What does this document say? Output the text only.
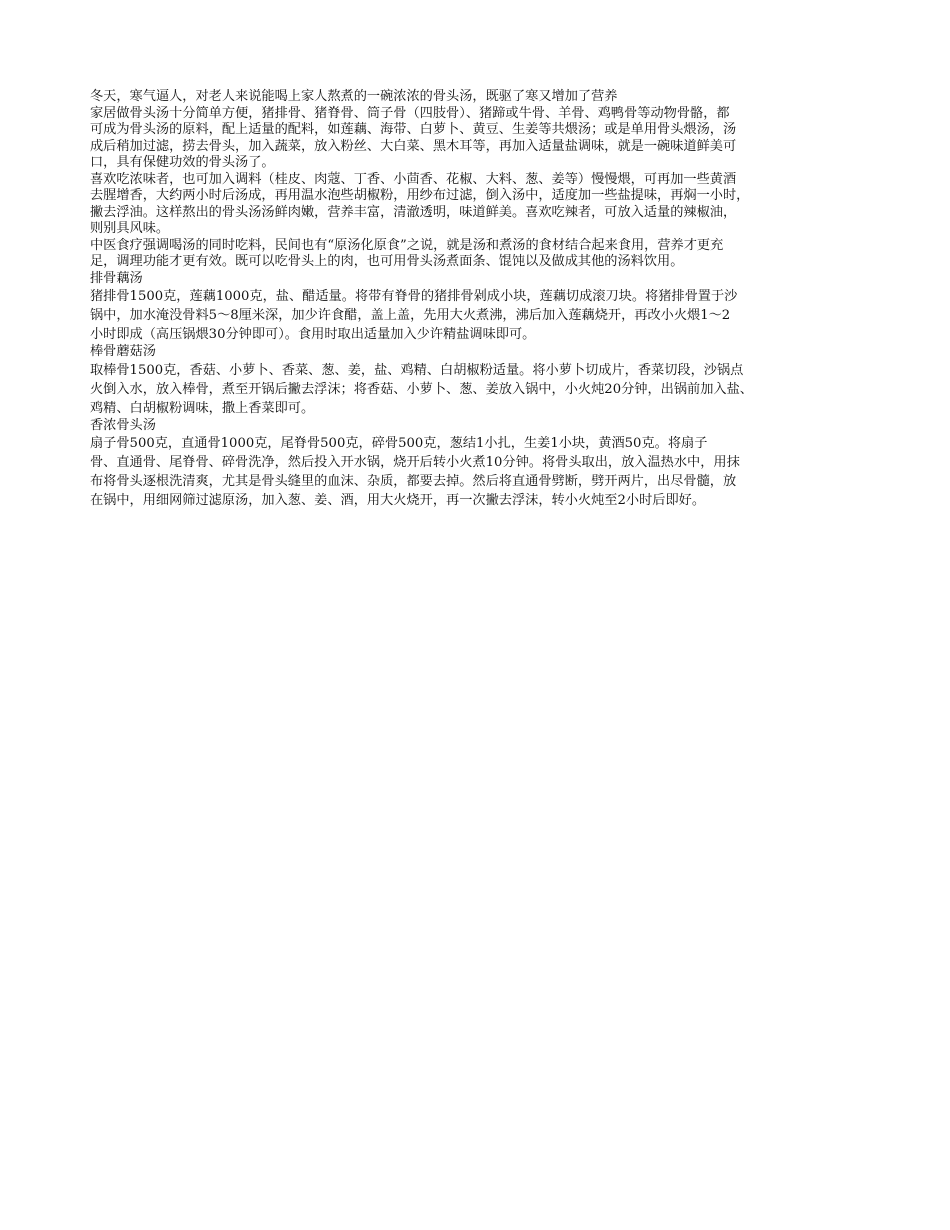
冬天，寒气逼人，对老人来说能喝上家人熬煮的一碗浓浓的骨头汤，既驱了寒又增加了营养

家居做骨头汤十分简单方便，猪排骨、猪脊骨、筒子骨（四肢骨）、猪蹄或牛骨、羊骨、鸡鸭骨等动物骨骼，都

可成为骨头汤的原料，配上适量的配料，如莲藕、海带、白萝卜、黄豆、生姜等共煨汤；或是单用骨头煨汤，汤

成后稍加过滤，捞去骨头，加入蔬菜，放入粉丝、大白菜、黑木耳等，再加入适量盐调味，就是一碗味道鲜美可

口，具有保健功效的骨头汤了。

喜欢吃浓味者，也可加入调料（桂皮、肉蔻、丁香、小茴香、花椒、大料、葱、姜等）慢慢煨，可再加一些黄酒

去腥增香，大约两小时后汤成，再用温水泡些胡椒粉，用纱布过滤，倒入汤中，适度加一些盐提味，再焖一小时，

撇去浮油。这样熬出的骨头汤汤鲜肉嫩，营养丰富，清澈透明，味道鲜美。喜欢吃辣者，可放入适量的辣椒油，

则别具风味。

中医食疗强调喝汤的同时吃料，民间也有“原汤化原食”之说，就是汤和煮汤的食材结合起来食用，营养才更充

足，调理功能才更有效。既可以吃骨头上的肉，也可用骨头汤煮面条、馄饨以及做成其他的汤料饮用。

排骨藕汤

猪排骨1500克，莲藕1000克，盐、醋适量。将带有脊骨的猪排骨剁成小块，莲藕切成滚刀块。将猪排骨置于沙

锅中，加水淹没骨料5～8厘米深，加少许食醋，盖上盖，先用大火煮沸，沸后加入莲藕烧开，再改小火煨1～2

小时即成（高压锅煨30分钟即可）。食用时取出适量加入少许精盐调味即可。

棒骨蘑菇汤

取棒骨1500克，香菇、小萝卜、香菜、葱、姜，盐、鸡精、白胡椒粉适量。将小萝卜切成片，香菜切段，沙锅点

火倒入水，放入棒骨，煮至开锅后撇去浮沫；将香菇、小萝卜、葱、姜放入锅中，小火炖20分钟，出锅前加入盐、

鸡精、白胡椒粉调味，撒上香菜即可。

香浓骨头汤

扇子骨500克，直通骨1000克，尾脊骨500克，碎骨500克，葱结1小扎，生姜1小块，黄酒50克。将扇子

骨、直通骨、尾脊骨、碎骨洗净，然后投入开水锅，烧开后转小火煮10分钟。将骨头取出，放入温热水中，用抹

布将骨头逐根洗清爽，尤其是骨头缝里的血沫、杂质，都要去掉。然后将直通骨劈断，劈开两片，出尽骨髓，放

在锅中，用细网筛过滤原汤，加入葱、姜、酒，用大火烧开，再一次撇去浮沫，转小火炖至2小时后即好。
